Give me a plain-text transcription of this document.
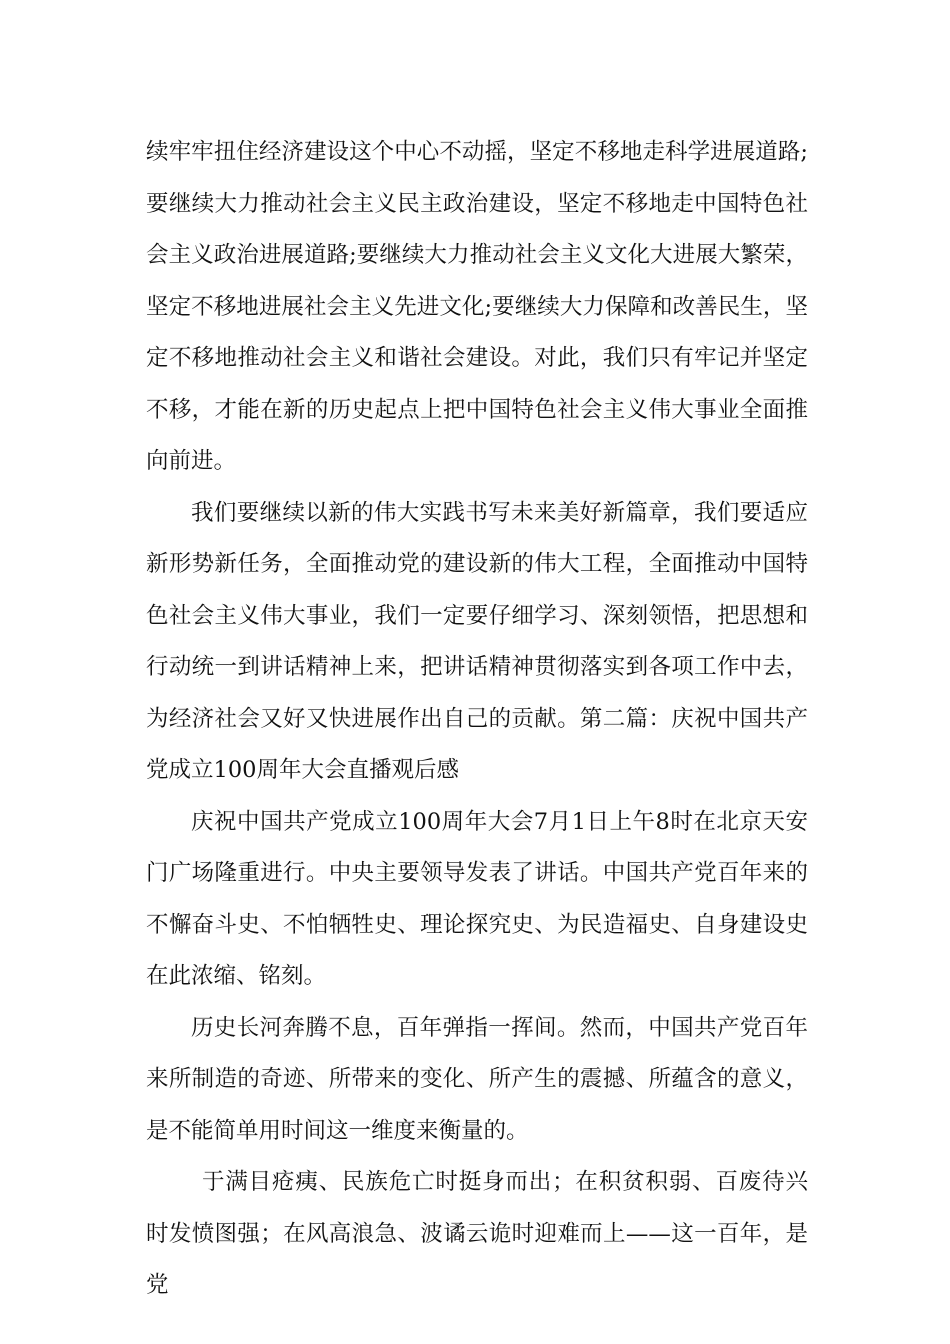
续牢牢扭住经济建设这个中心不动摇，坚定不移地走科学进展道路;要继续大力推动社会主义民主政治建设，坚定不移地走中国特色社会主义政治进展道路;要继续大力推动社会主义文化大进展大繁荣，坚定不移地进展社会主义先进文化;要继续大力保障和改善民生，坚定不移地推动社会主义和谐社会建设。对此，我们只有牢记并坚定不移，才能在新的历史起点上把中国特色社会主义伟大事业全面推向前进。

我们要继续以新的伟大实践书写未来美好新篇章，我们要适应新形势新任务，全面推动党的建设新的伟大工程，全面推动中国特色社会主义伟大事业，我们一定要仔细学习、深刻领悟，把思想和行动统一到讲话精神上来，把讲话精神贯彻落实到各项工作中去，为经济社会又好又快进展作出自己的贡献。第二篇：庆祝中国共产党成立100周年大会直播观后感

庆祝中国共产党成立100周年大会7月1日上午8时在北京天安门广场隆重进行。中央主要领导发表了讲话。中国共产党百年来的不懈奋斗史、不怕牺牲史、理论探究史、为民造福史、自身建设史在此浓缩、铭刻。

历史长河奔腾不息，百年弹指一挥间。然而，中国共产党百年来所制造的奇迹、所带来的变化、所产生的震撼、所蕴含的意义，是不能简单用时间这一维度来衡量的。

于满目疮痍、民族危亡时挺身而出；在积贫积弱、百废待兴时发愤图强；在风高浪急、波谲云诡时迎难而上——这一百年，是党
